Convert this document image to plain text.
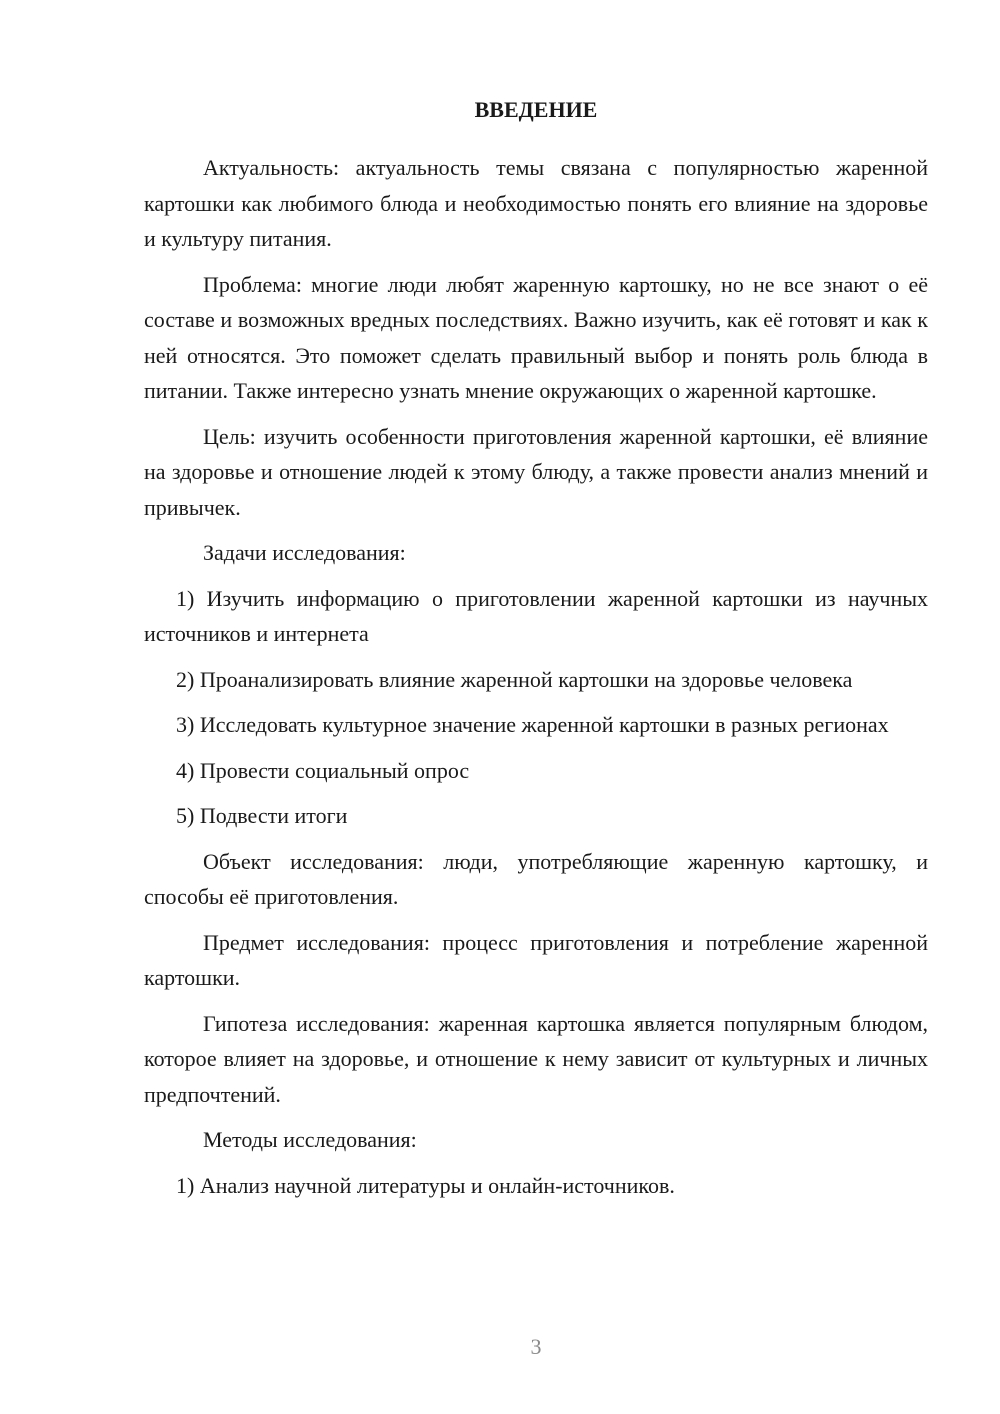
ВВЕДЕНИЕ

Актуальность: актуальность темы связана с популярностью жаренной картошки как любимого блюда и необходимостью понять его влияние на здоровье и культуру питания.

Проблема: многие люди любят жаренную картошку, но не все знают о её составе и возможных вредных последствиях. Важно изучить, как её готовят и как к ней относятся. Это поможет сделать правильный выбор и понять роль блюда в питании. Также интересно узнать мнение окружающих о жаренной картошке.

Цель: изучить особенности приготовления жаренной картошки, её влияние на здоровье и отношение людей к этому блюду, а также провести анализ мнений и привычек.

Задачи исследования:

1) Изучить информацию о приготовлении жаренной картошки из научных источников и интернета

2) Проанализировать влияние жаренной картошки на здоровье человека

3) Исследовать культурное значение жаренной картошки в разных регионах

4) Провести социальный опрос

5) Подвести итоги

Объект исследования: люди, употребляющие жаренную картошку, и способы её приготовления.

Предмет исследования: процесс приготовления и потребление жаренной картошки.

Гипотеза исследования: жаренная картошка является популярным блюдом, которое влияет на здоровье, и отношение к нему зависит от культурных и личных предпочтений.

Методы исследования:

1) Анализ научной литературы и онлайн-источников.

3
